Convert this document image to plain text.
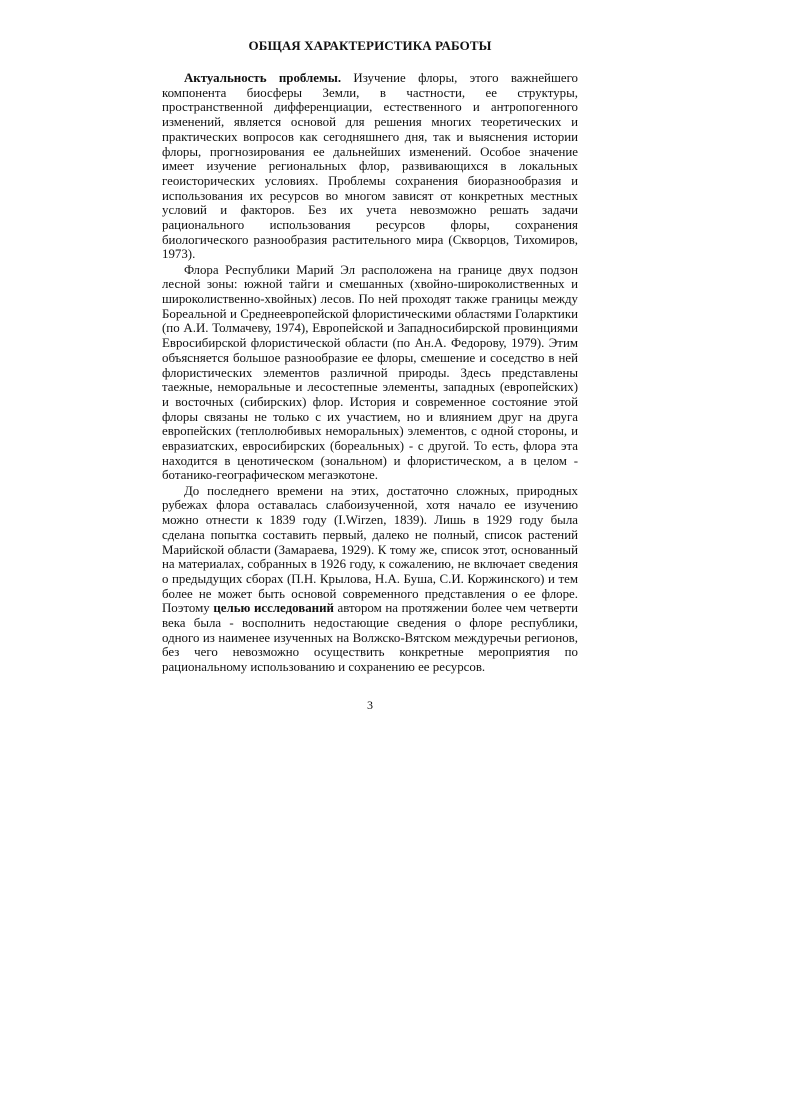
ОБЩАЯ ХАРАКТЕРИСТИКА РАБОТЫ

Актуальность проблемы. Изучение флоры, этого важнейшего компонента биосферы Земли, в частности, ее структуры, пространственной дифференциации, естественного и антропогенного изменений, является основой для решения многих теоретических и практических вопросов как сегодняшнего дня, так и выяснения истории флоры, прогнозирования ее дальнейших изменений. Особое значение имеет изучение региональных флор, развивающихся в локальных геоисторических условиях. Проблемы сохранения биоразнообразия и использования их ресурсов во многом зависят от конкретных местных условий и факторов. Без их учета невозможно решать задачи рационального использования ресурсов флоры, сохранения биологического разнообразия растительного мира (Скворцов, Тихомиров, 1973).

Флора Республики Марий Эл расположена на границе двух подзон лесной зоны: южной тайги и смешанных (хвойно-широколиственных и широколиственно-хвойных) лесов. По ней проходят также границы между Бореальной и Среднеевропейской флористическими областями Голарктики (по А.И. Толмачеву, 1974), Европейской и Западносибирской провинциями Евросибирской флористической области (по Ан.А. Федорову, 1979). Этим объясняется большое разнообразие ее флоры, смешение и соседство в ней флористических элементов различной природы. Здесь представлены таежные, неморальные и лесостепные элементы, западных (европейских) и восточных (сибирских) флор. История и современное состояние этой флоры связаны не только с их участием, но и влиянием друг на друга европейских (теплолюбивых неморальных) элементов, с одной стороны, и евразиатских, евросибирских (бореальных) - с другой. То есть, флора эта находится в ценотическом (зональном) и флористическом, а в целом - ботанико-географическом мегаэкотоне.

До последнего времени на этих, достаточно сложных, природных рубежах флора оставалась слабоизученной, хотя начало ее изучению можно отнести к 1839 году (I.Wirzen, 1839). Лишь в 1929 году была сделана попытка составить первый, далеко не полный, список растений Марийской области (Замараева, 1929). К тому же, список этот, основанный на материалах, собранных в 1926 году, к сожалению, не включает сведения о предыдущих сборах (П.Н. Крылова, Н.А. Буша, С.И. Коржинского) и тем более не может быть основой современного представления о ее флоре. Поэтому целью исследований автором на протяжении более чем четверти века была - восполнить недостающие сведения о флоре республики, одного из наименее изученных на Волжско-Вятском междуречьи регионов, без чего невозможно осуществить конкретные мероприятия по рациональному использованию и сохранению ее ресурсов.

3
